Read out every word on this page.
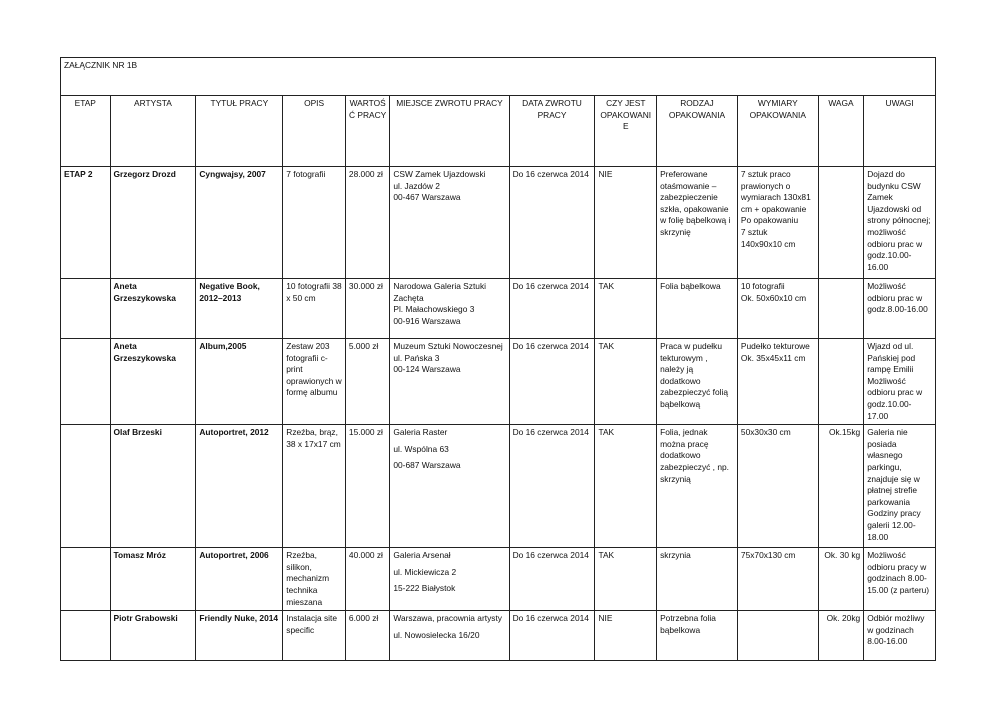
ZAŁĄCZNIK NR 1B											
ETAP	ARTYSTA	TYTUŁ PRACY	OPIS	WARTOŚĆ PRACY	MIEJSCE ZWROTU PRACY	DATA ZWROTU PRACY	CZY JEST OPAKOWANIE	RODZAJ OPAKOWANIA	WYMIARY OPAKOWANIA	WAGA	UWAGI
ETAP 2	Grzegorz Drozd	Cyngwajsy, 2007	7 fotografii	28.000 zł	CSW Zamek Ujazdowski
ul. Jazdów 2
00-467 Warszawa	Do 16 czerwca 2014	NIE	Preferowane otaśmowanie – zabezpieczenie szkła, opakowanie w folię bąbelkową i skrzynię	7 sztuk praco prawionych o wymiarach 130x81 cm + opakowanie
Po opakowaniu
7 sztuk
140x90x10 cm		Dojazd do budynku CSW Zamek Ujazdowski od strony północnej; możliwość odbioru prac w godz.10.00-16.00
	Aneta Grzeszykowska	Negative Book, 2012–2013	10 fotografii 38 x 50 cm	30.000 zł	Narodowa Galeria Sztuki Zachęta
Pl. Małachowskiego 3
00-916 Warszawa	Do 16 czerwca 2014	TAK	Folia bąbelkowa	10 fotografii
Ok. 50x60x10 cm		Możliwość odbioru prac w godz.8.00-16.00
	Aneta Grzeszykowska	Album,2005	Zestaw 203 fotografii c-print oprawionych w formę albumu	5.000 zł	Muzeum Sztuki Nowoczesnej
ul. Pańska 3
00-124 Warszawa	Do 16 czerwca 2014	TAK	Praca w pudełku tekturowym , należy ją dodatkowo zabezpieczyć folią bąbelkową	Pudełko tekturowe
Ok. 35x45x11 cm		Wjazd od ul. Pańskiej pod rampę Emilii Możliwość odbioru prac w godz.10.00-17.00
	Olaf Brzeski	Autoportret, 2012	Rzeźba, brąz, 38 x 17x17 cm	15.000 zł	Galeria Raster
ul. Wspólna 63
00-687 Warszawa	Do 16 czerwca 2014	TAK	Folia, jednak można pracę dodatkowo zabezpieczyć , np. skrzynią	50x30x30 cm	Ok.15kg	Galeria nie posiada własnego parkingu, znajduje się w płatnej strefie parkowania Godziny pracy galerii 12.00-18.00
	Tomasz Mróz	Autoportret, 2006	Rzeźba, silikon, mechanizm technika mieszana	40.000 zł	Galeria Arsenał
ul. Mickiewicza 2
15-222 Białystok	Do 16 czerwca 2014	TAK	skrzynia	75x70x130 cm	Ok. 30 kg	Możliwość odbioru pracy w godzinach 8.00-15.00 (z parteru)
	Piotr Grabowski	Friendly Nuke, 2014	Instalacja site specific	6.000 zł	Warszawa, pracownia artysty
ul. Nowosielecka 16/20	Do 16 czerwca 2014	NIE	Potrzebna folia bąbelkowa		Ok. 20kg	Odbiór możliwy w godzinach 8.00-16.00
